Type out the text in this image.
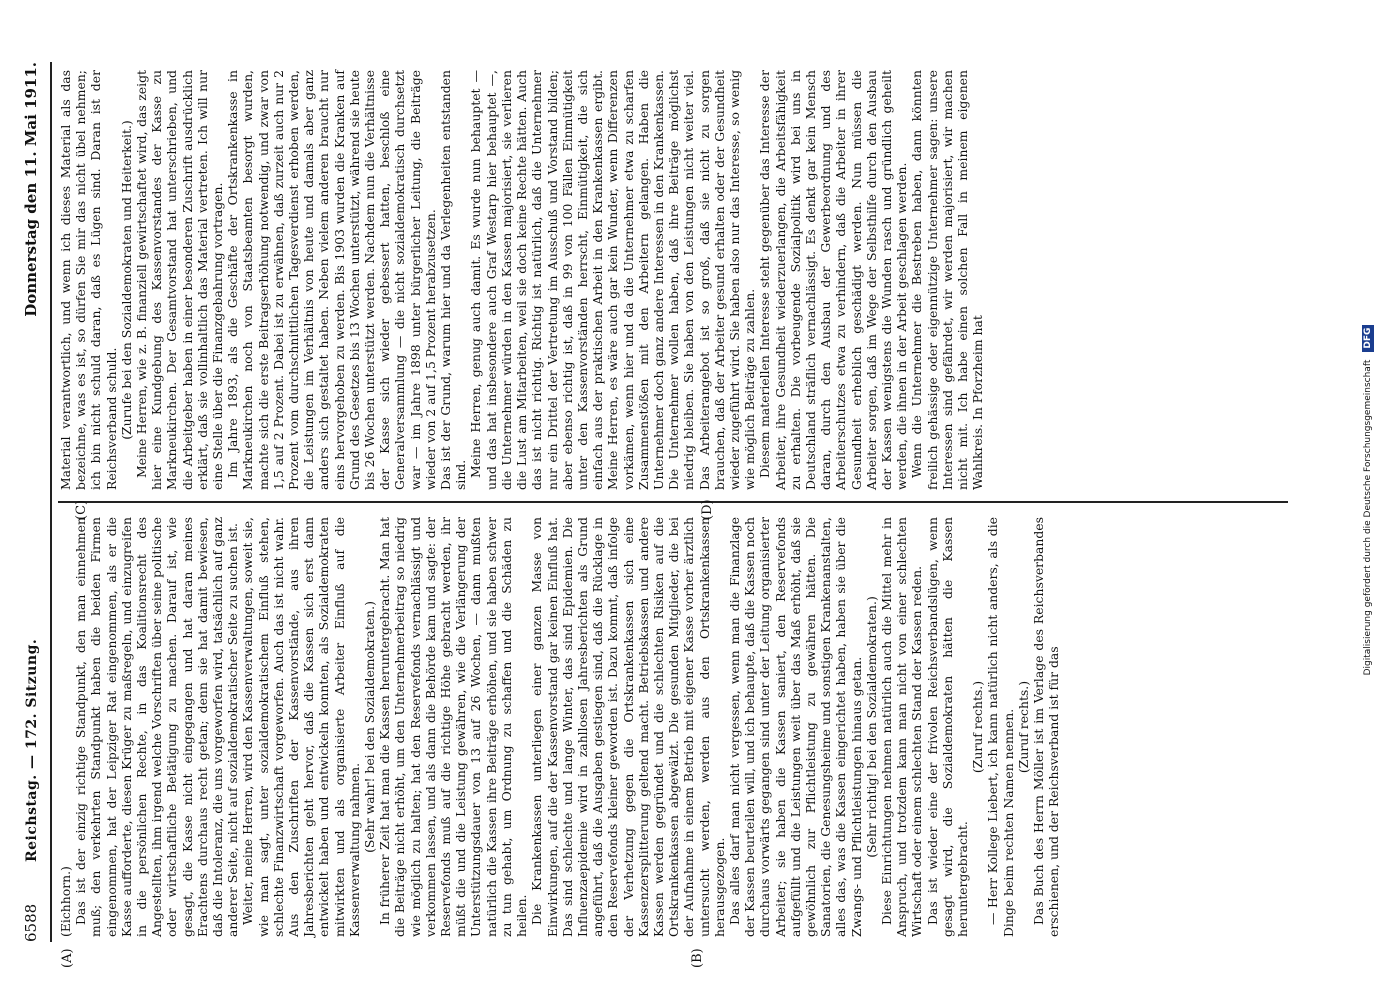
6588
Reichstag. — 172. Sitzung.
Donnerstag den 11. Mai 1911.
(A)	(B)
(C)	(D)

(Eichhorn.) Das ist der einzig richtige Standpunkt, den man einnehmen muß; den verkehrten Standpunkt haben die beiden Firmen eingenommen, hat der Leipziger Rat eingenommen, als er die Kasse aufforderte, diesen Krüger zu maßregeln, und einzugreifen in die persönlichen Rechte, in das Koalitionsrecht des Angestellten, ihm irgend welche Vorschriften über seine politische oder wirtschaftliche Betätigung zu machen. Darauf ist, wie gesagt, die Kasse nicht eingegangen und hat daran meines Erachtens durchaus recht getan; denn sie hat damit bewiesen, daß die Intoleranz, die uns vorgeworfen wird, tatsächlich auf ganz anderer Seite, nicht auf sozialdemokratischer Seite zu suchen ist. Weiter, meine Herren, wird den Kassenverwaltungen, soweit sie, wie man sagt, unter sozialdemokratischem Einfluß stehen, schlechte Finanzwirtschaft vorgeworfen. Auch das ist nicht wahr. Aus den Zuschriften der Kassenvorstände, aus ihren Jahresberichten geht hervor, daß die Kassen sich erst dann entwickelt haben und entwickeln konnten, als Sozialdemokraten mitwirkten und als organisierte Arbeiter Einfluß auf die Kassenverwaltung nahmen. (Sehr wahr! bei den Sozialdemokraten.) In früherer Zeit hat man die Kassen heruntergebracht. Man hat die Beiträge nicht erhöht, um den Unternehmerbeitrag so niedrig wie möglich zu halten; hat den Reservefonds vernachlässigt und verkommen lassen, und als dann die Behörde kam und sagte: der Reservefonds muß auf die richtige Höhe gebracht werden, ihr müßt die und die Leistung gewähren, wie die Verlängerung der Unterstützungsdauer von 13 auf 26 Wochen, — dann mußten natürlich die Kassen ihre Beiträge erhöhen, und sie haben schwer zu tun gehabt, um Ordnung zu schaffen und die Schäden zu heilen. Die Krankenkassen unterliegen einer ganzen Masse von Einwirkungen, auf die der Kassenvorstand gar keinen Einfluß hat. Das sind schlechte und lange Winter, das sind Epidemien. Die Influenzaepidemie wird in zahllosen Jahresberichten als Grund angeführt, daß die Ausgaben gestiegen sind, daß die Rücklage in den Reservefonds kleiner geworden ist. Dazu kommt, daß infolge der Verhetzung gegen die Ortskrankenkassen sich eine Kassenzersplitterung geltend macht. Betriebskassen und andere Kassen werden gegründet und die schlechten Risiken auf die Ortskrankenkassen abgewälzt. Die gesunden Mitglieder, die bei der Aufnahme in einem Betrieb mit eigener Kasse vorher ärztlich untersucht werden, werden aus den Ortskrankenkassen herausgezogen. Das alles darf man nicht vergessen, wenn man die Finanzlage der Kassen beurteilen will, und ich behaupte, daß die Kassen noch durchaus vorwärts gegangen sind unter der Leitung organisierter Arbeiter; sie haben die Kassen saniert, den Reservefonds aufgefüllt und die Leistungen weit über das Maß erhöht, daß sie gewöhnlich zur Pflichtleistung zu gewähren hätten. Die Sanatorien, die Genesungsheime und sonstigen Krankenanstalten, alles das, was die Kassen eingerichtet haben, haben sie über die Zwangs- und Pflichtleistungen hinaus getan. (Sehr richtig! bei den Sozialdemokraten.) Diese Einrichtungen nehmen natürlich auch die Mittel mehr in Anspruch, und trotzdem kann man nicht von einer schlechten Wirtschaft oder einem schlechten Stand der Kassen reden. Das ist wieder eine der frivolen Reichsverbandslügen, wenn gesagt wird, die Sozialdemokraten hätten die Kassen heruntergebracht.

(Zuruf rechts.) — Herr Kollege Liebert, ich kann natürlich nicht anders, als die Dinge beim rechten Namen nennen. (Zuruf rechts.) Das Buch des Herrn Möller ist im Verlage des Reichsverbandes erschienen, und der Reichsverband ist für das

Material verantwortlich, und wenn ich dieses Material als das bezeichne, was es ist, so dürfen Sie mir das nicht übel nehmen; ich bin nicht schuld daran, daß es Lügen sind. Daran ist der Reichsverband schuld. (Zurufe bei den Sozialdemokraten und Heiterkeit.) Meine Herren, wie z. B. finanziell gewirtschaftet wird, das zeigt hier eine Kundgebung des Kassenvorstandes der Kasse zu Markneukirchen. Der Gesamtvorstand hat unterschrieben, und die Arbeitgeber haben in einer besonderen Zuschrift ausdrücklich erklärt, daß sie vollinhaltlich das Material vertreten. Ich will nur eine Stelle über die Finanzgebahrung vortragen. Im Jahre 1893, als die Geschäfte der Ortskrankenkasse in Markneukirchen noch von Staatsbeamten besorgt wurden, machte sich die erste Beitragserhöhung notwendig, und zwar von 1,5 auf 2 Prozent. Dabei ist zu erwähnen, daß zurzeit auch nur 2 Prozent vom durchschnittlichen Tagesverdienst erhoben werden, die Leistungen im Verhältnis von heute und damals aber ganz anders sich gestaltet haben. Neben vielem anderen braucht nur eins hervorgehoben zu werden. Bis 1903 wurden die Kranken auf Grund des Gesetzes bis 13 Wochen unterstützt, während sie heute bis 26 Wochen unterstützt werden. Nachdem nun die Verhältnisse der Kasse sich wieder gebessert hatten, beschloß eine Generalversammlung — die nicht sozialdemokratisch durchsetzt war — im Jahre 1898 unter bürgerlicher Leitung, die Beiträge wieder von 2 auf 1,5 Prozent herabzusetzen. Das ist der Grund, warum hier und da Verlegenheiten entstanden sind. Meine Herren, genug auch damit. Es wurde nun behauptet — und das hat insbesondere auch Graf Westarp hier behauptet —, die Unternehmer würden in den Kassen majorisiert, sie verlieren die Lust am Mitarbeiten, weil sie doch keine Rechte hätten. Auch das ist nicht richtig. Richtig ist natürlich, daß die Unternehmer nur ein Drittel der Vertretung im Ausschuß und Vorstand bilden; aber ebenso richtig ist, daß in 99 von 100 Fällen Einmütigkeit unter den Kassenvorständen herrscht, Einmütigkeit, die sich einfach aus der praktischen Arbeit in den Krankenkassen ergibt. Meine Herren, es wäre auch gar kein Wunder, wenn Differenzen vorkämen, wenn hier und da die Unternehmer etwa zu scharfen Zusammenstößen mit den Arbeitern gelangen. Haben die Unternehmer doch ganz andere Interessen in den Krankenkassen. Die Unternehmer wollen haben, daß ihre Beiträge möglichst niedrig bleiben. Sie haben von den Leistungen nicht weiter viel. Das Arbeiterangebot ist so groß, daß sie nicht zu sorgen brauchen, daß der Arbeiter gesund erhalten oder der Gesundheit wieder zugeführt wird. Sie haben also nur das Interesse, so wenig wie möglich Beiträge zu zahlen. Diesem materiellen Interesse steht gegenüber das Interesse der Arbeiter, ihre Gesundheit wiederzuerlangen, die Arbeitsfähigkeit zu erhalten. Die vorbeugende Sozialpolitik wird bei uns in Deutschland sträflich vernachlässigt. Es denkt gar kein Mensch daran, durch den Ausbau der Gewerbeordnung und des Arbeiterschutzes etwa zu verhindern, daß die Arbeiter in ihrer Gesundheit erheblich geschädigt werden. Nun müssen die Arbeiter sorgen, daß im Wege der Selbsthilfe durch den Ausbau der Kassen wenigstens die Wunden rasch und gründlich geheilt werden, die ihnen in der Arbeit geschlagen werden. Wenn die Unternehmer die Bestreben haben, dann könnten freilich gehässige oder eigennützige Unternehmer sagen: unsere Interessen sind gefährdet, wir werden majorisiert, wir machen nicht mit. Ich habe einen solchen Fall in meinem eigenen Wahlkreis. In Pforzheim hat	Digitalisierung gefördert durch die Deutsche Forschungsgemeinschaft
DFG
